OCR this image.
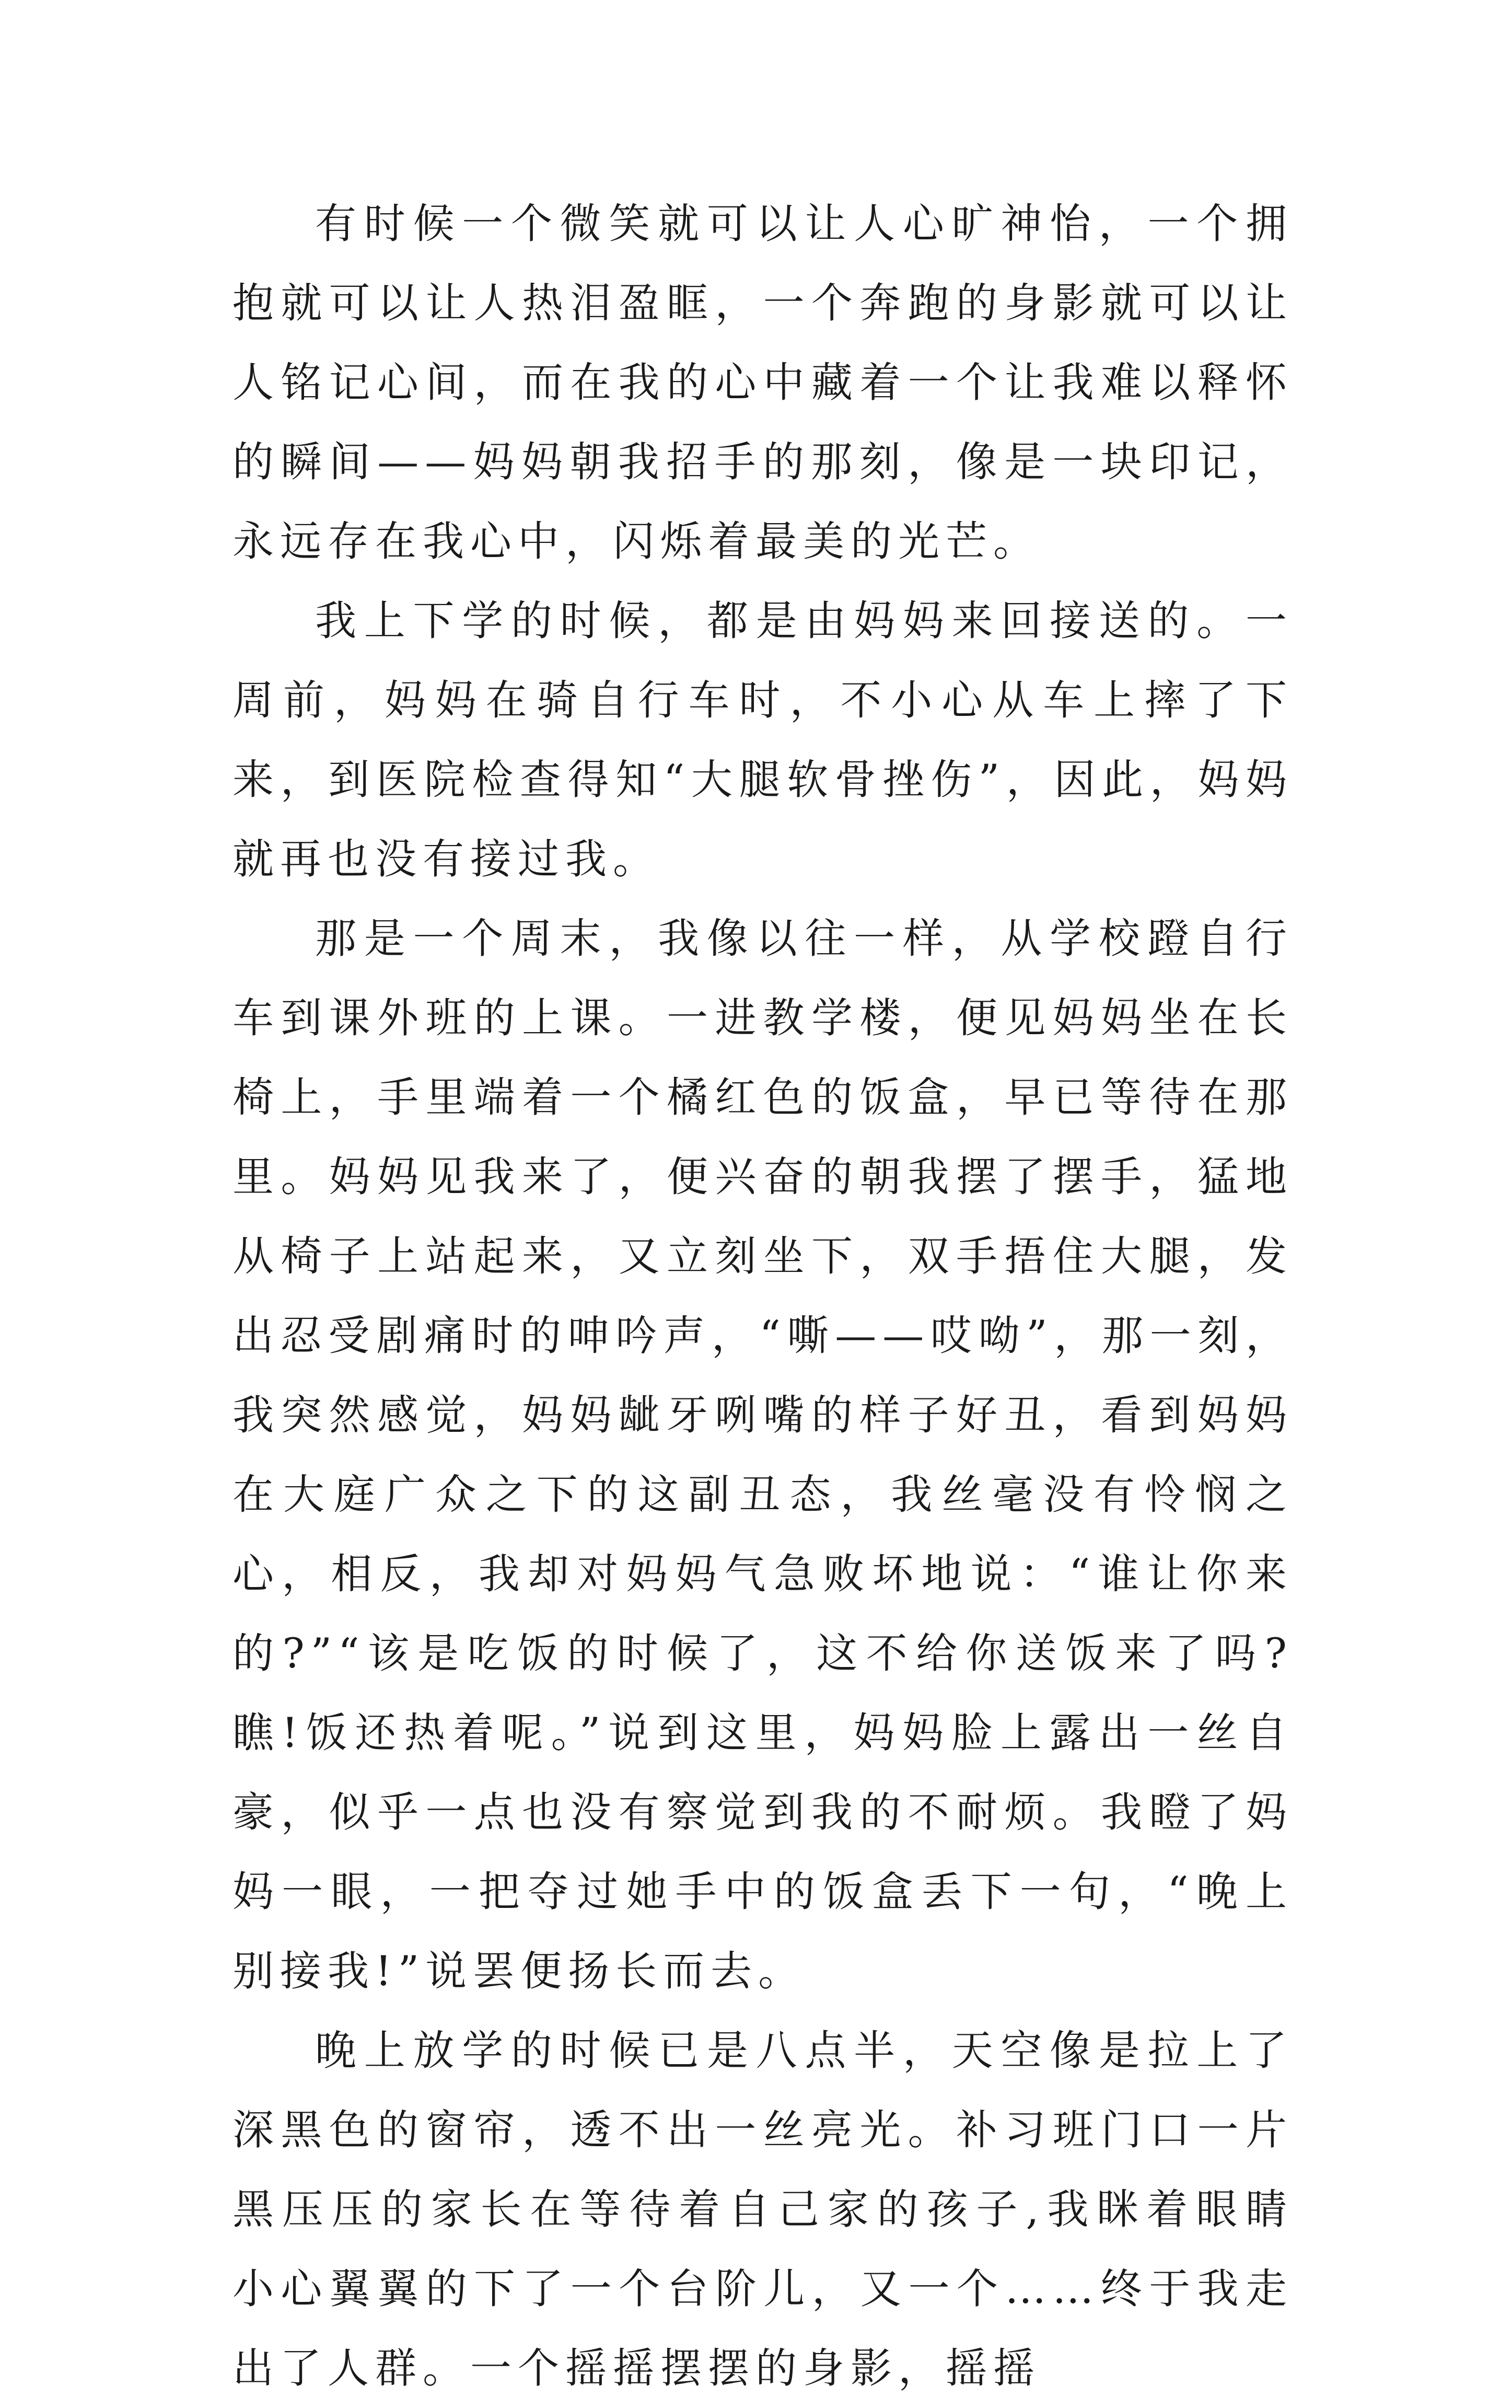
有时候一个微笑就可以让人心旷神怡，一个拥抱就可以让人热泪盈眶，一个奔跑的身影就可以让人铭记心间，而在我的心中藏着一个让我难以释怀的瞬间——妈妈朝我招手的那刻，像是一块印记，永远存在我心中，闪烁着最美的光芒。

我上下学的时候，都是由妈妈来回接送的。一周前，妈妈在骑自行车时，不小心从车上摔了下来，到医院检查得知“大腿软骨挫伤”，因此，妈妈就再也没有接过我。

那是一个周末，我像以往一样，从学校蹬自行车到课外班的上课。一进教学楼，便见妈妈坐在长椅上，手里端着一个橘红色的饭盒，早已等待在那里。妈妈见我来了，便兴奋的朝我摆了摆手，猛地从椅子上站起来，又立刻坐下，双手捂住大腿，发出忍受剧痛时的呻吟声，“嘶——哎呦”，那一刻，我突然感觉，妈妈龇牙咧嘴的样子好丑，看到妈妈在大庭广众之下的这副丑态，我丝毫没有怜悯之心，相反，我却对妈妈气急败坏地说：“谁让你来的?”“该是吃饭的时候了，这不给你送饭来了吗?瞧!饭还热着呢。”说到这里，妈妈脸上露出一丝自豪，似乎一点也没有察觉到我的不耐烦。我瞪了妈妈一眼，一把夺过她手中的饭盒丢下一句，“晚上别接我!”说罢便扬长而去。

晚上放学的时候已是八点半，天空像是拉上了深黑色的窗帘，透不出一丝亮光。补习班门口一片黑压压的家长在等待着自己家的孩子,我眯着眼睛小心翼翼的下了一个台阶儿，又一个……终于我走出了人群。一个摇摇摆摆的身影，摇摇
